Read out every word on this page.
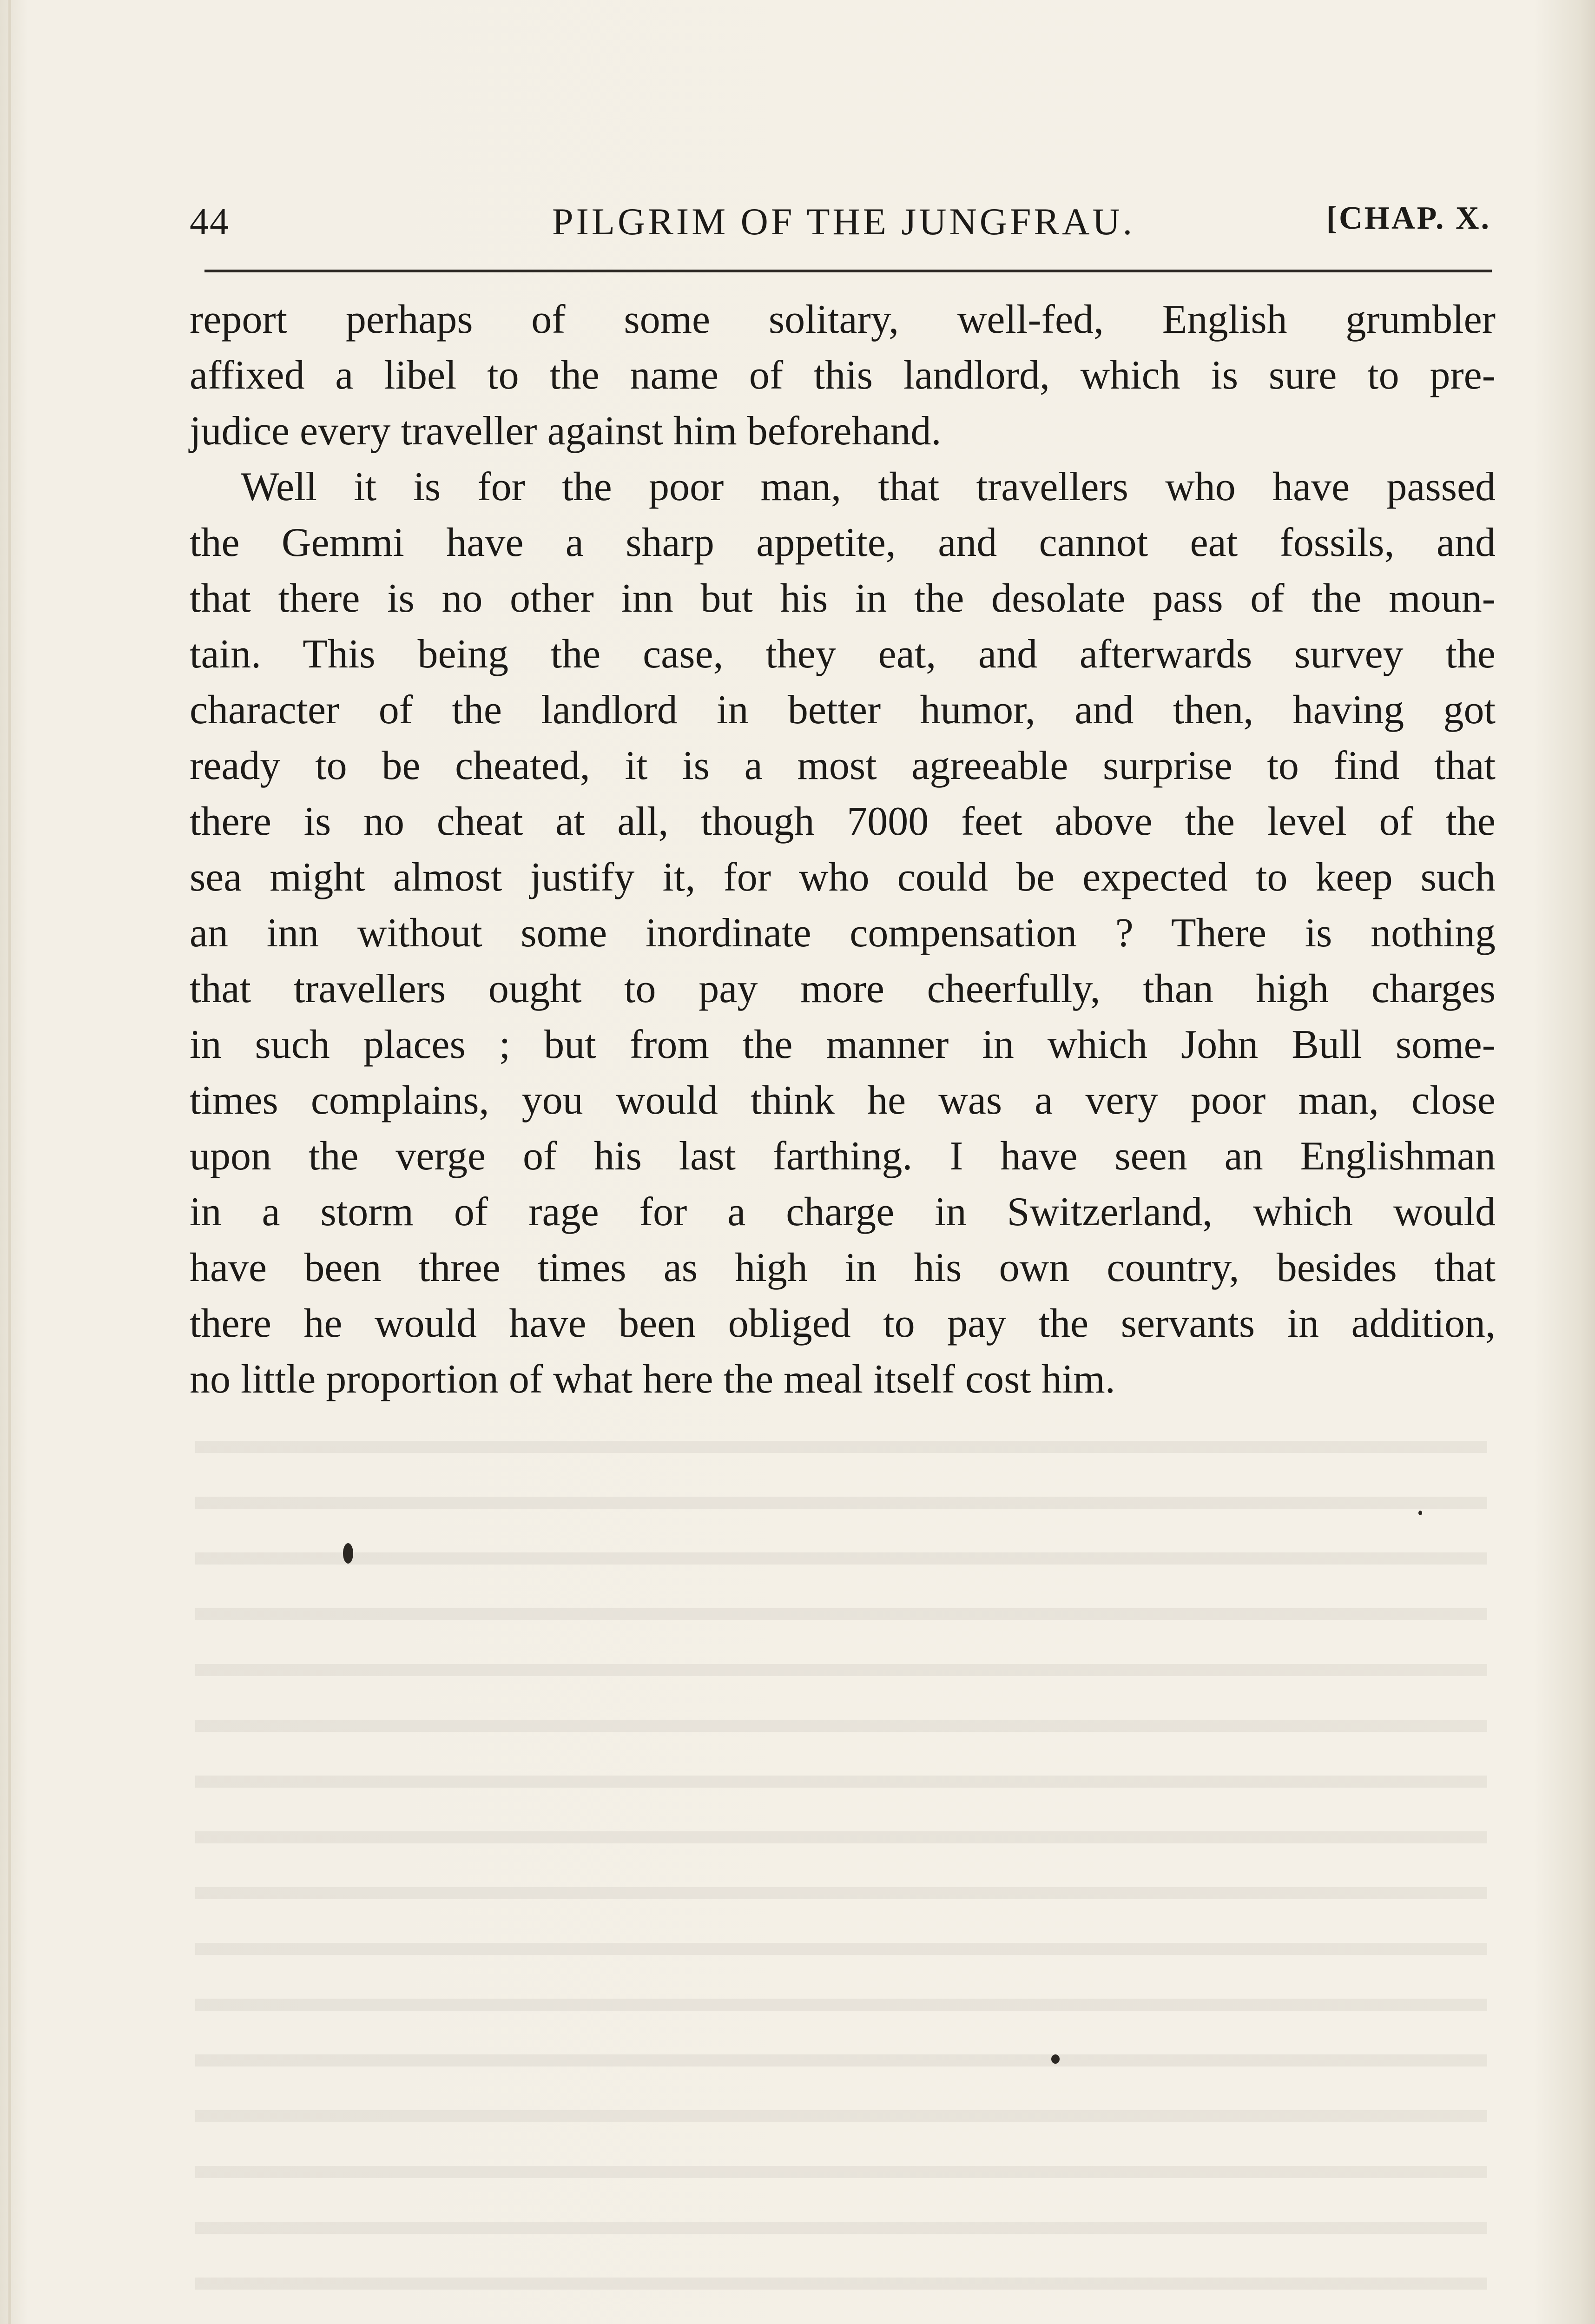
44	PILGRIM OF THE JUNGFRAU.	[CHAP. X.
report perhaps of some solitary, well-fed, English grumbler
affixed a libel to the name of this landlord, which is sure to pre-
judice every traveller against him beforehand.
Well it is for the poor man, that travellers who have passed
the Gemmi have a sharp appetite, and cannot eat fossils, and
that there is no other inn but his in the desolate pass of the moun-
tain. This being the case, they eat, and afterwards survey the
character of the landlord in better humor, and then, having got
ready to be cheated, it is a most agreeable surprise to find that
there is no cheat at all, though 7000 feet above the level of the
sea might almost justify it, for who could be expected to keep such
an inn without some inordinate compensation ? There is nothing
that travellers ought to pay more cheerfully, than high charges
in such places ; but from the manner in which John Bull some-
times complains, you would think he was a very poor man, close
upon the verge of his last farthing. I have seen an Englishman
in a storm of rage for a charge in Switzerland, which would
have been three times as high in his own country, besides that
there he would have been obliged to pay the servants in addition,
no little proportion of what here the meal itself cost him.
